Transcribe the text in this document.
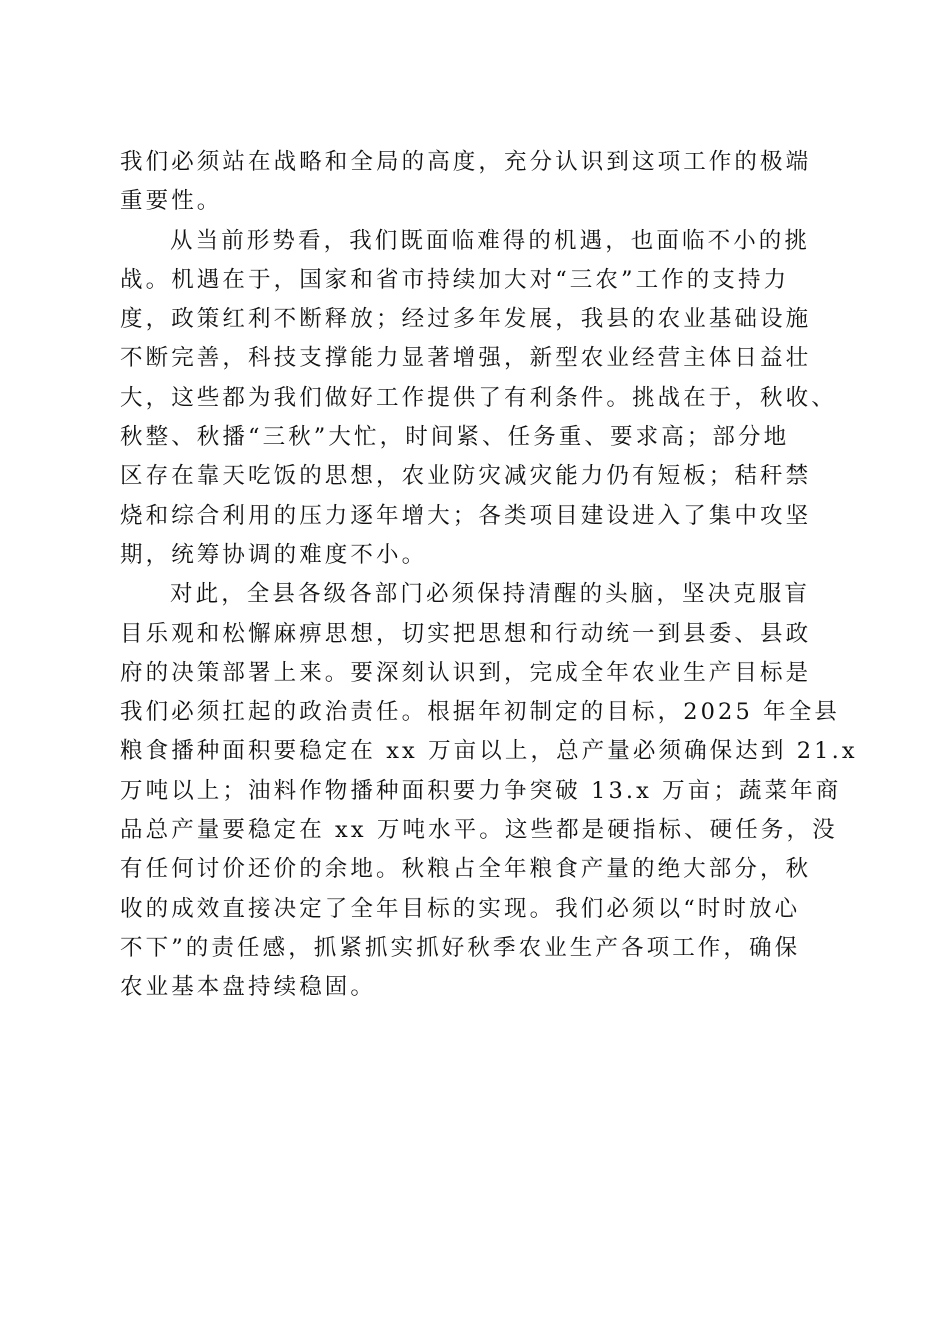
我们必须站在战略和全局的高度，充分认识到这项工作的极端
重要性。
从当前形势看，我们既面临难得的机遇，也面临不小的挑
战。机遇在于，国家和省市持续加大对“三农”工作的支持力
度，政策红利不断释放；经过多年发展，我县的农业基础设施
不断完善，科技支撑能力显著增强，新型农业经营主体日益壮
大，这些都为我们做好工作提供了有利条件。挑战在于，秋收、
秋整、秋播“三秋”大忙，时间紧、任务重、要求高；部分地
区存在靠天吃饭的思想，农业防灾减灾能力仍有短板；秸秆禁
烧和综合利用的压力逐年增大；各类项目建设进入了集中攻坚
期，统筹协调的难度不小。
对此，全县各级各部门必须保持清醒的头脑，坚决克服盲
目乐观和松懈麻痹思想，切实把思想和行动统一到县委、县政
府的决策部署上来。要深刻认识到，完成全年农业生产目标是
我们必须扛起的政治责任。根据年初制定的目标，2025 年全县
粮食播种面积要稳定在 xx 万亩以上，总产量必须确保达到 21.x
万吨以上；油料作物播种面积要力争突破 13.x 万亩；蔬菜年商
品总产量要稳定在 xx 万吨水平。这些都是硬指标、硬任务，没
有任何讨价还价的余地。秋粮占全年粮食产量的绝大部分，秋
收的成效直接决定了全年目标的实现。我们必须以“时时放心
不下”的责任感，抓紧抓实抓好秋季农业生产各项工作，确保
农业基本盘持续稳固。
